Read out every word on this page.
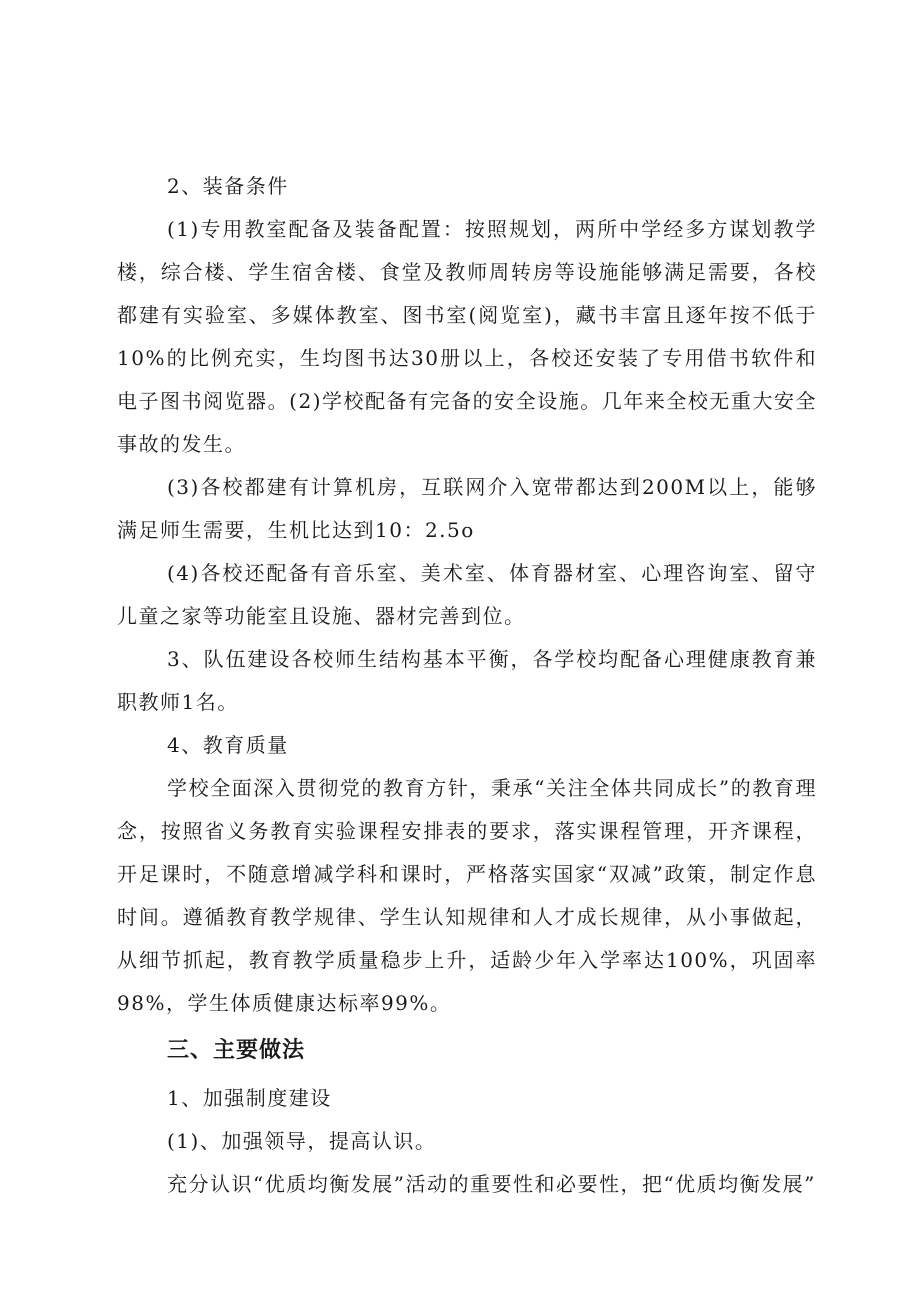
2、装备条件

(1)专用教室配备及装备配置：按照规划，两所中学经多方谋划教学楼，综合楼、学生宿舍楼、食堂及教师周转房等设施能够满足需要，各校都建有实验室、多媒体教室、图书室(阅览室)，藏书丰富且逐年按不低于10%的比例充实，生均图书达30册以上，各校还安装了专用借书软件和电子图书阅览器。(2)学校配备有完备的安全设施。几年来全校无重大安全事故的发生。

(3)各校都建有计算机房，互联网介入宽带都达到200M以上，能够满足师生需要，生机比达到10：2.5o

(4)各校还配备有音乐室、美术室、体育器材室、心理咨询室、留守儿童之家等功能室且设施、器材完善到位。

3、队伍建设各校师生结构基本平衡，各学校均配备心理健康教育兼职教师1名。

4、教育质量

学校全面深入贯彻党的教育方针，秉承“关注全体共同成长”的教育理念，按照省义务教育实验课程安排表的要求，落实课程管理，开齐课程，开足课时，不随意增减学科和课时，严格落实国家“双减”政策，制定作息时间。遵循教育教学规律、学生认知规律和人才成长规律，从小事做起，从细节抓起，教育教学质量稳步上升，适龄少年入学率达100%，巩固率98%，学生体质健康达标率99%。

三、主要做法

1、加强制度建设

(1)、加强领导，提高认识。

充分认识“优质均衡发展”活动的重要性和必要性，把“优质均衡发展”
